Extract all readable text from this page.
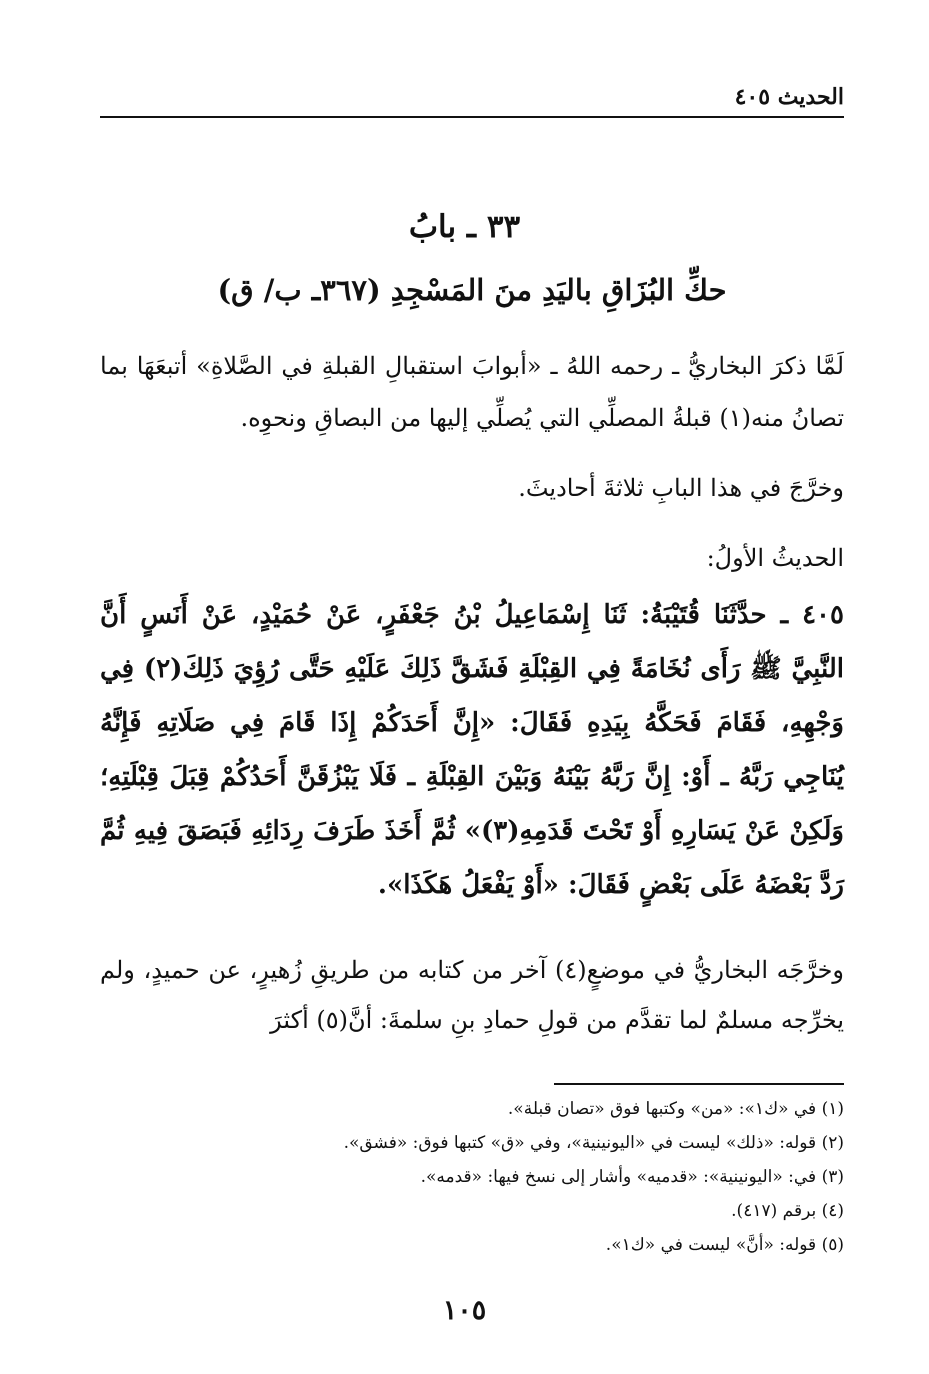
الحديث ٤٠٥
٣٣ ـ بابُ
حكِّ البُزَاقِ باليَدِ منَ المَسْجِدِ (٣٦٧ـ ب/ ق)

لَمَّا ذكرَ البخاريُّ ـ رحمه اللهُ ـ «أبوابَ استقبالِ القبلةِ في الصَّلاةِ» أتبعَهَا بما تصانُ منه(١) قبلةُ المصلِّي التي يُصلِّي إليها من البصاقِ ونحوِه.

وخرَّجَ في هذا البابِ ثلاثةَ أحاديثَ.

الحديثُ الأولُ:

٤٠٥ ـ حدَّثَنَا قُتَيْبَةُ: ثَنَا إِسْمَاعِيلُ بْنُ جَعْفَرٍ، عَنْ حُمَيْدٍ، عَنْ أَنَسٍ أَنَّ النَّبِيَّ ﷺ رَأَى نُخَامَةً فِي القِبْلَةِ فَشَقَّ ذَلِكَ عَلَيْهِ حَتَّى رُؤِيَ ذَلِكَ(٢) فِي وَجْهِهِ، فَقَامَ فَحَكَّهُ بِيَدِهِ فَقَالَ: «إِنَّ أَحَدَكُمْ إِذَا قَامَ فِي صَلَاتِهِ فَإِنَّهُ يُنَاجِي رَبَّهُ ـ أَوْ: إِنَّ رَبَّهُ بَيْنَهُ وَبَيْنَ القِبْلَةِ ـ فَلَا يَبْزُقَنَّ أَحَدُكُمْ قِبَلَ قِبْلَتِهِ؛ وَلَكِنْ عَنْ يَسَارِهِ أَوْ تَحْتَ قَدَمِهِ(٣)» ثُمَّ أَخَذَ طَرَفَ رِدَائِهِ فَبَصَقَ فِيهِ ثُمَّ رَدَّ بَعْضَهُ عَلَى بَعْضٍ فَقَالَ: «أَوْ يَفْعَلُ هَكَذَا».

وخرَّجَه البخاريُّ في موضعٍ(٤) آخر من كتابه من طريقِ زُهيرٍ، عن حميدٍ، ولم يخرِّجه مسلمٌ لما تقدَّم من قولِ حمادِ بنِ سلمةَ: أنَّ(٥) أكثرَ

(١) في «ك١»: «من» وكتبها فوق «تصان قبلة».
(٢) قوله: «ذلك» ليست في «اليونينية»، وفي «ق» كتبها فوق: «فشق».
(٣) في: «اليونينية»: «قدميه» وأشار إلى نسخ فيها: «قدمه».
(٤) برقم (٤١٧).
(٥) قوله: «أنَّ» ليست في «ك١».
١٠٥
